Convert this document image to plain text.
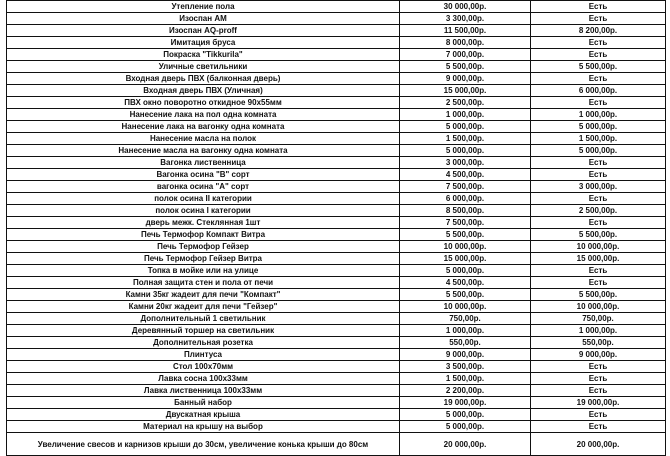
Утепление пола	30 000,00р.	Есть
Изоспан АМ	3 300,00р.	Есть
Изоспан AQ-proff	11 500,00р.	8 200,00р.
Имитация бруса	8 000,00р.	Есть
Покраска "Tikkurila"	7 000,00р.	Есть
Уличные светильники	5 500,00р.	5 500,00р.
Входная дверь ПВХ (балконная дверь)	9 000,00р.	Есть
Входная дверь ПВХ (Уличная)	15 000,00р.	6 000,00р.
ПВХ окно поворотно откидное 90х55мм	2 500,00р.	Есть
Нанесение лака на пол одна комната	1 000,00р.	1 000,00р.
Нанесение лака на вагонку одна комната	5 000,00р.	5 000,00р.
Нанесение масла на полок	1 500,00р.	1 500,00р.
Нанесение масла на вагонку одна комната	5 000,00р.	5 000,00р.
Вагонка лиственница	3 000,00р.	Есть
Вагонка осина "В" сорт	4 500,00р.	Есть
вагонка осина "А" сорт	7 500,00р.	3 000,00р.
полок осина II категории	6 000,00р.	Есть
полок осина I категории	8 500,00р.	2 500,00р.
дверь межк. Стеклянная 1шт	7 500,00р.	Есть
Печь Термофор Компакт Витра	5 500,00р.	5 500,00р.
Печь Термофор Гейзер	10 000,00р.	10 000,00р.
Печь Термофор Гейзер Витра	15 000,00р.	15 000,00р.
Топка в мойке или на улице	5 000,00р.	Есть
Полная защита стен и пола от печи	4 500,00р.	Есть
Камни 35кг жадеит для печи "Компакт"	5 500,00р.	5 500,00р.
Камни 20кг жадеит для печи "Гейзер"	10 000,00р.	10 000,00р.
Дополнительный 1 светильник	750,00р.	750,00р.
Деревянный торшер на светильник	1 000,00р.	1 000,00р.
Дополнительная розетка	550,00р.	550,00р.
Плинтуса	9 000,00р.	9 000,00р.
Стол 100х70мм	3 500,00р.	Есть
Лавка сосна 100х33мм	1 500,00р.	Есть
Лавка лиственница 100х33мм	2 200,00р.	Есть
Банный набор	19 000,00р.	19 000,00р.
Двускатная крыша	5 000,00р.	Есть
Материал на крышу на выбор	5 000,00р.	Есть
Увеличение свесов и карнизов крыши до 30см, увеличение конька крыши до 80см	20 000,00р.	20 000,00р.
